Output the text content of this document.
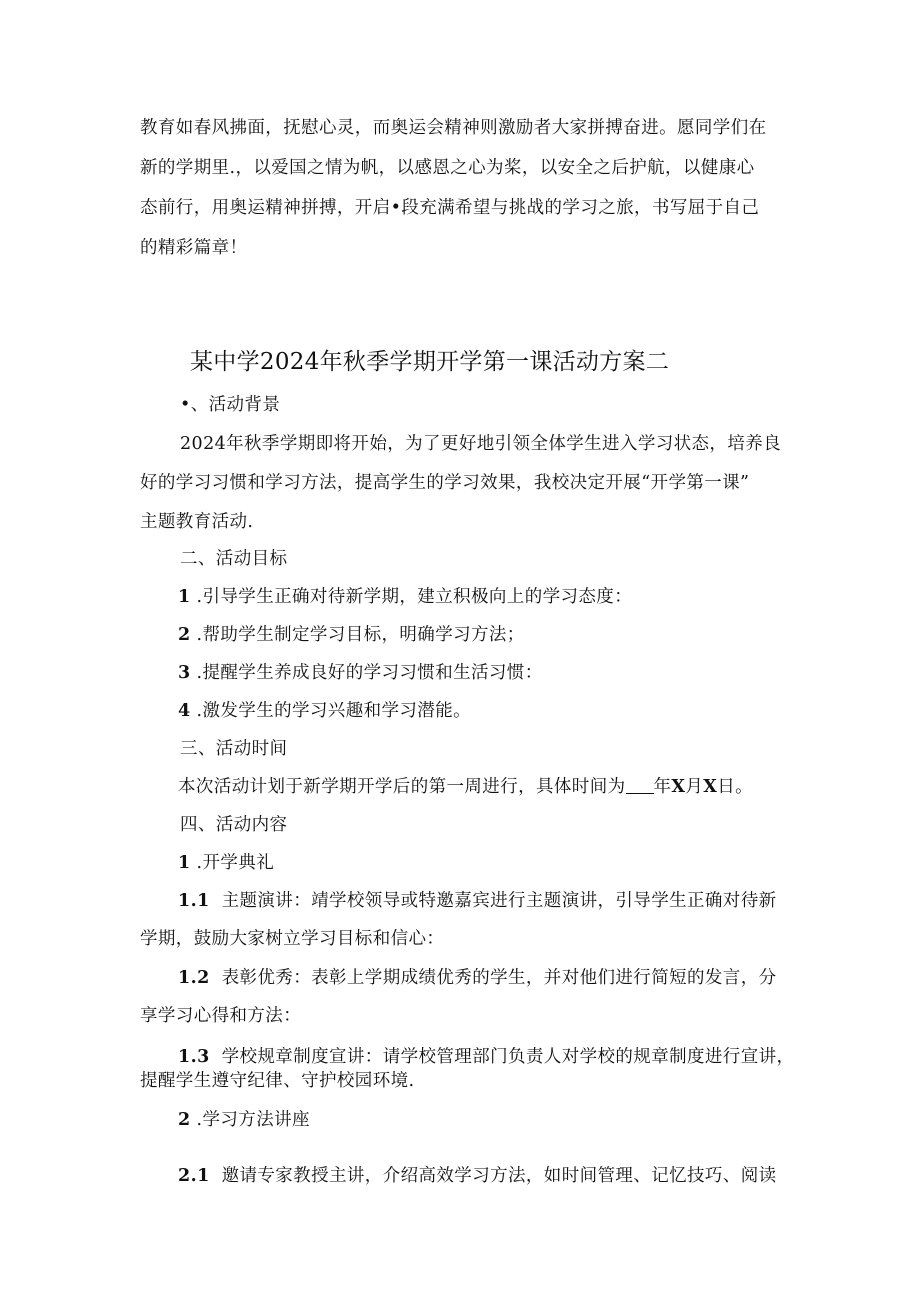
教育如春风拂面，抚慰心灵，而奥运会精神则激励者大家拼搏奋进。愿同学们在
新的学期里.，以爱国之情为帆，以感恩之心为桨，以安全之后护航，以健康心
态前行，用奥运精神拼搏，开启•段充满希望与挑战的学习之旅，书写屈于自己
的精彩篇章！
某中学2024年秋季学期开学第一课活动方案二
•、活动背景
2024年秋季学期即将开始，为了更好地引领全体学生进入学习状态，培养良
好的学习习惯和学习方法，提高学生的学习效果，我校决定开展“开学第一课”
主题教育活动.
二、活动目标
1 .引导学生正确对待新学期，建立积极向上的学习态度：
2 .帮助学生制定学习目标，明确学习方法；
3 .提醒学生养成良好的学习习惯和生活习惯：
4 .激发学生的学习兴趣和学习潜能。
三、活动时间
本次活动计划于新学期开学后的第一周进行，具体时间为 年X月X日。
四、活动内容
1 .开学典礼
1.1 主题演讲：靖学校领导或特邀嘉宾进行主题演讲，引导学生正确对待新
学期，鼓励大家树立学习目标和信心：
1.2 表彰优秀：表彰上学期成绩优秀的学生，并对他们进行简短的发言，分
享学习心得和方法：
1.3 学校规章制度宣讲：请学校管理部门负责人对学校的规章制度进行宣讲，
提醒学生遵守纪律、守护校园环境.
2 .学习方法讲座
2.1 邀请专家教授主讲，介绍高效学习方法，如时间管理、记忆技巧、阅读
